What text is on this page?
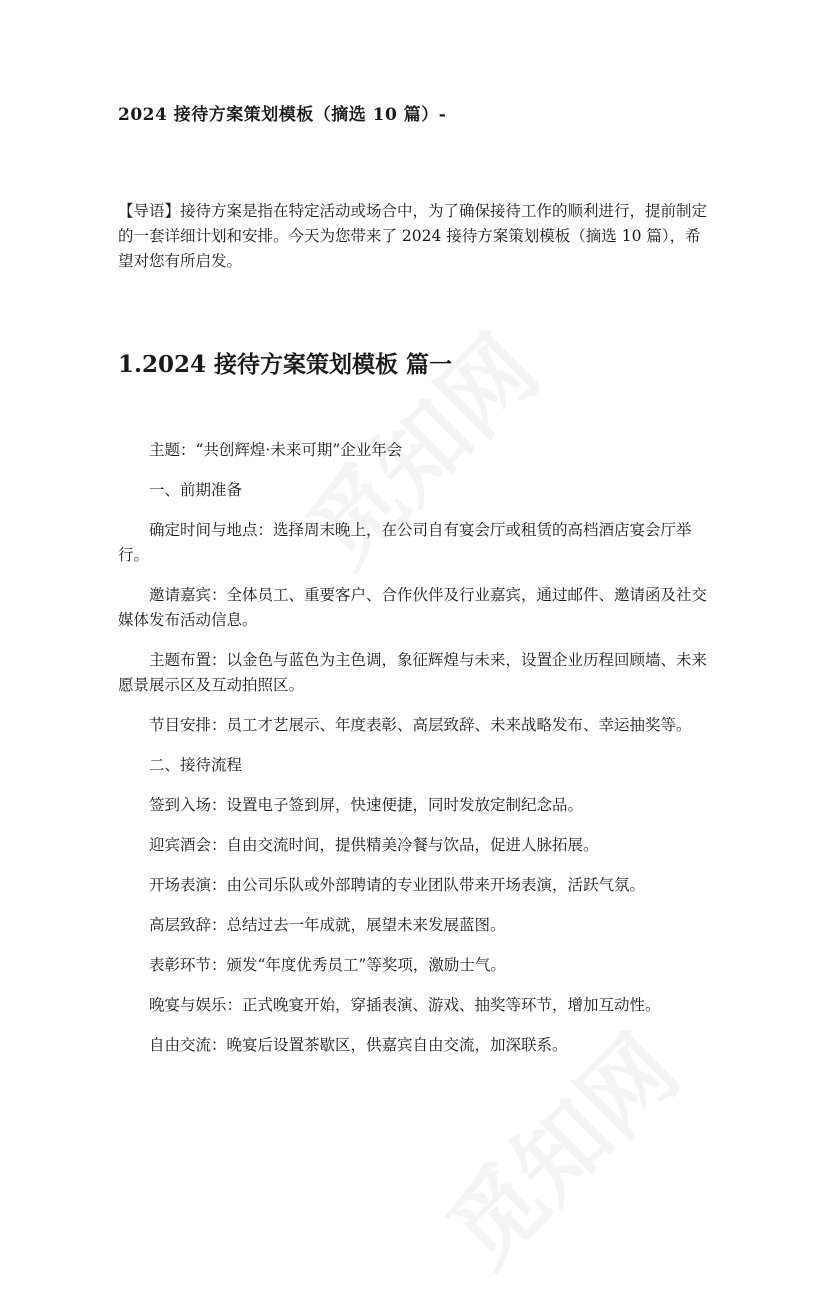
2024 接待方案策划模板（摘选 10 篇）-

【导语】接待方案是指在特定活动或场合中，为了确保接待工作的顺利进行，提前制定的一套详细计划和安排。今天为您带来了 2024 接待方案策划模板（摘选 10 篇），希望对您有所启发。

1.2024 接待方案策划模板 篇一

主题：“共创辉煌·未来可期”企业年会

一、前期准备

确定时间与地点：选择周末晚上，在公司自有宴会厅或租赁的高档酒店宴会厅举行。

邀请嘉宾：全体员工、重要客户、合作伙伴及行业嘉宾，通过邮件、邀请函及社交媒体发布活动信息。

主题布置：以金色与蓝色为主色调，象征辉煌与未来，设置企业历程回顾墙、未来愿景展示区及互动拍照区。

节目安排：员工才艺展示、年度表彰、高层致辞、未来战略发布、幸运抽奖等。

二、接待流程

签到入场：设置电子签到屏，快速便捷，同时发放定制纪念品。

迎宾酒会：自由交流时间，提供精美冷餐与饮品，促进人脉拓展。

开场表演：由公司乐队或外部聘请的专业团队带来开场表演，活跃气氛。

高层致辞：总结过去一年成就，展望未来发展蓝图。

表彰环节：颁发“年度优秀员工”等奖项，激励士气。

晚宴与娱乐：正式晚宴开始，穿插表演、游戏、抽奖等环节，增加互动性。

自由交流：晚宴后设置茶歇区，供嘉宾自由交流，加深联系。
